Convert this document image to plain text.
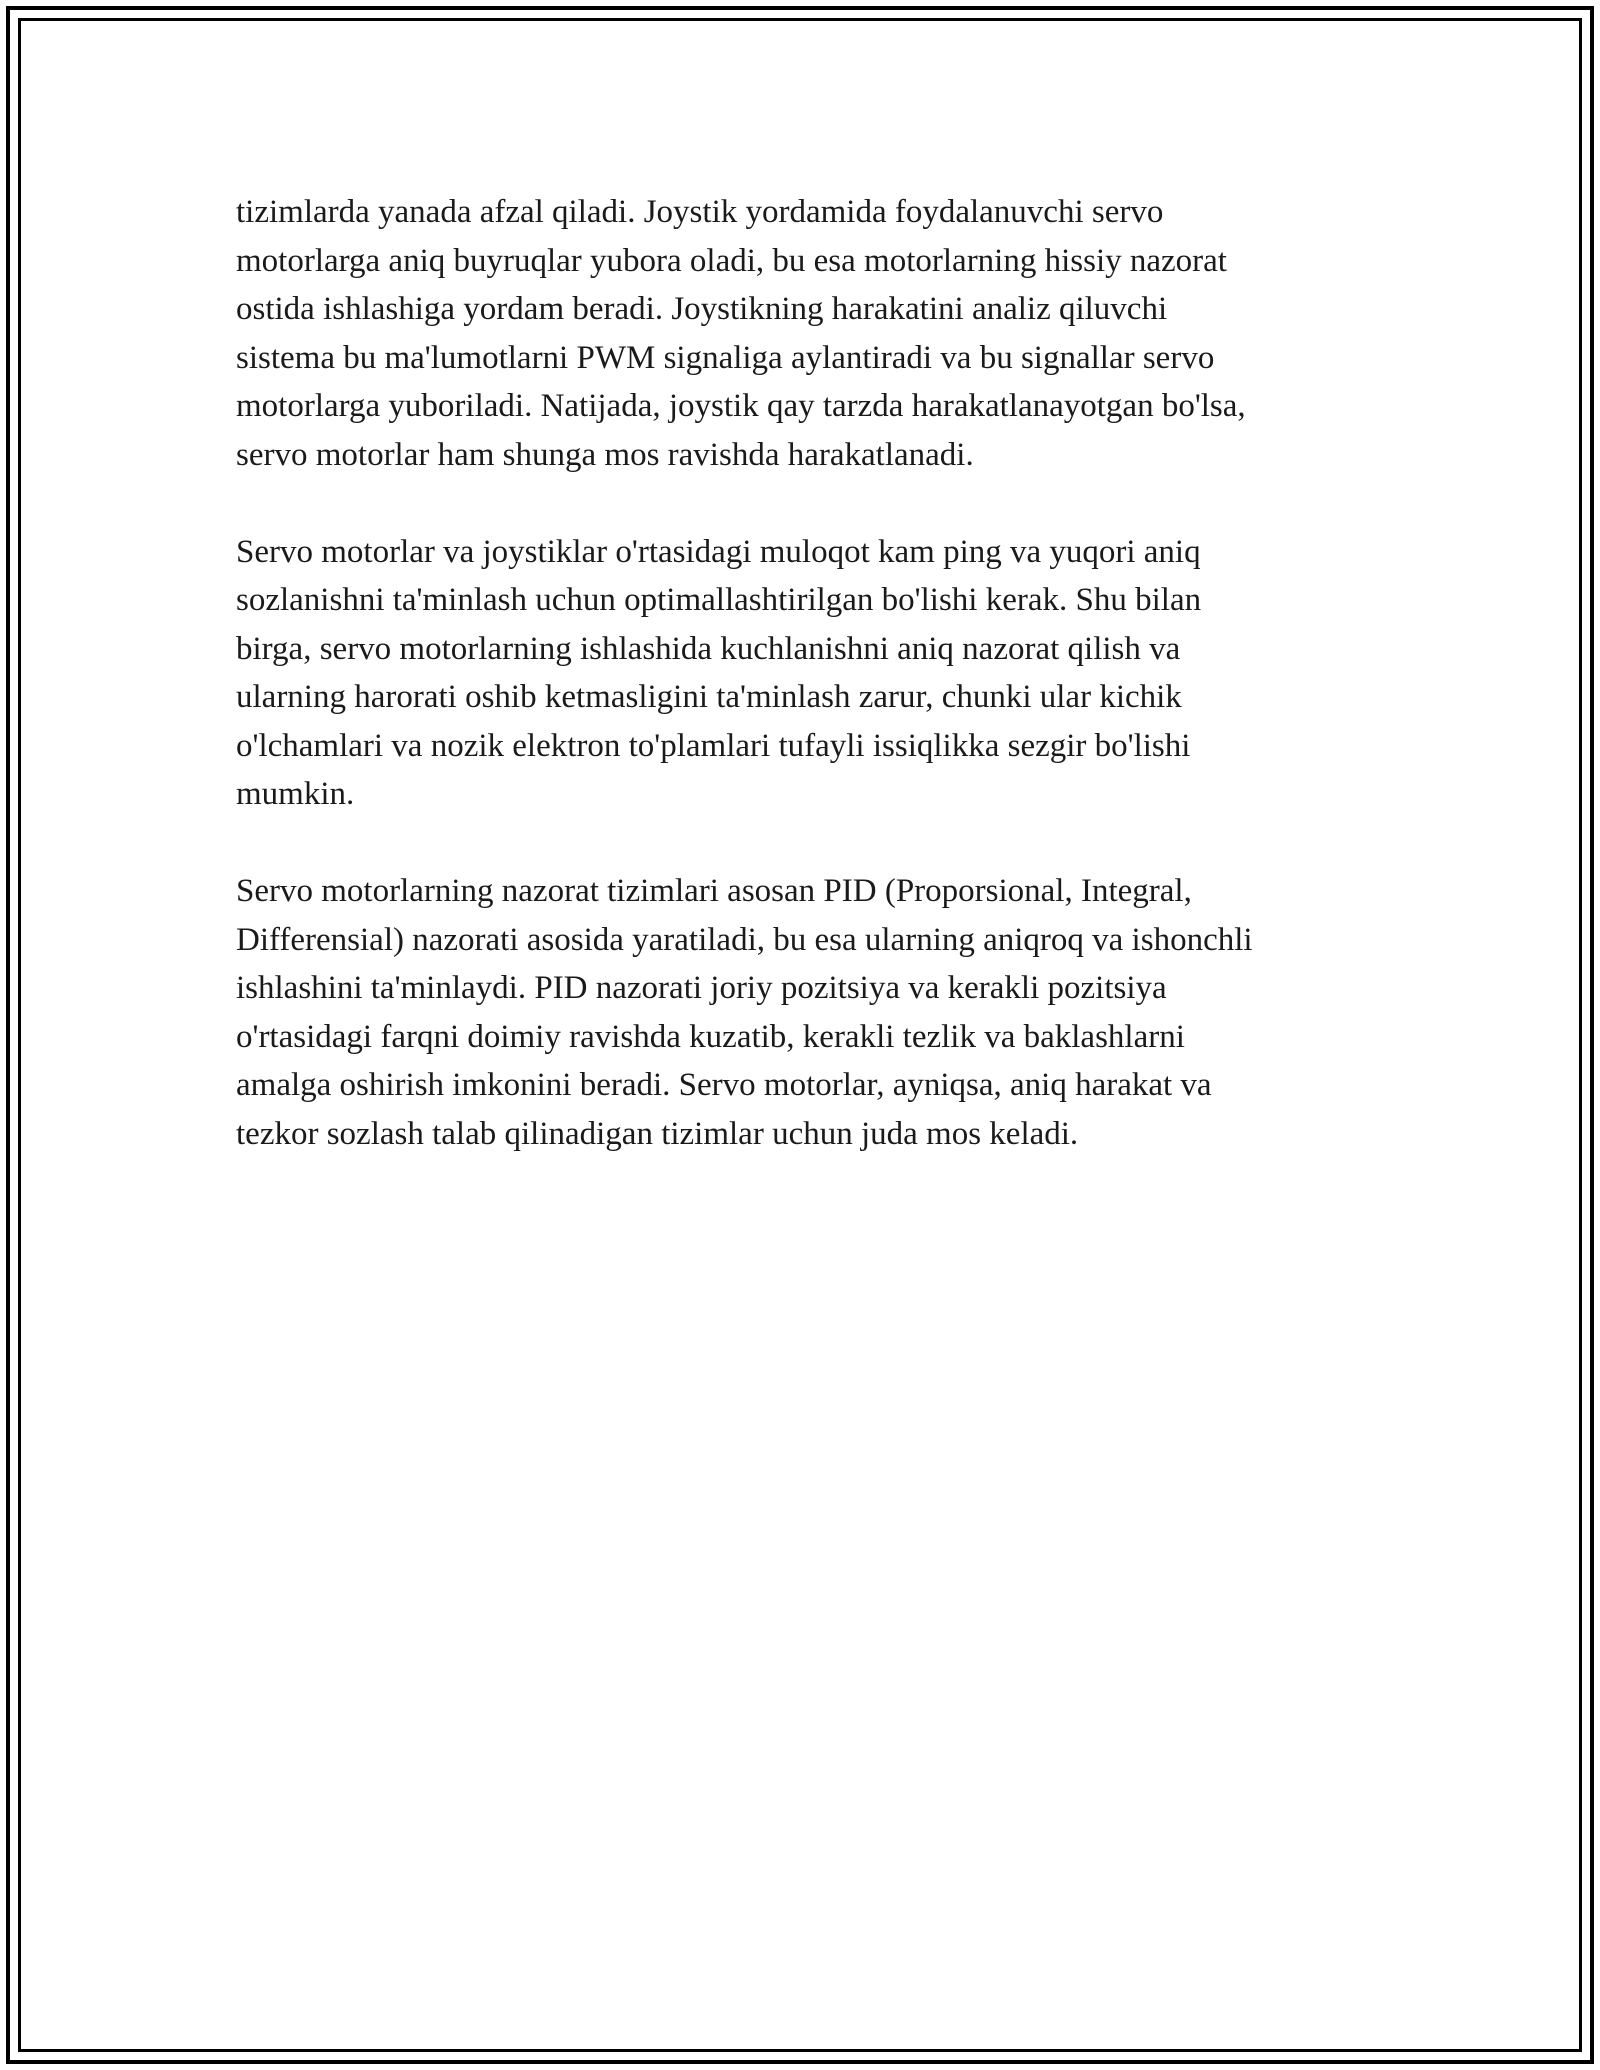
tizimlarda yanada afzal qiladi. Joystik yordamida foydalanuvchi servo
motorlarga aniq buyruqlar yubora oladi, bu esa motorlarning hissiy nazorat
ostida ishlashiga yordam beradi. Joystikning harakatini analiz qiluvchi
sistema bu ma'lumotlarni PWM signaliga aylantiradi va bu signallar servo
motorlarga yuboriladi. Natijada, joystik qay tarzda harakatlanayotgan bo'lsa,
servo motorlar ham shunga mos ravishda harakatlanadi.

Servo motorlar va joystiklar o'rtasidagi muloqot kam ping va yuqori aniq
sozlanishni ta'minlash uchun optimallashtirilgan bo'lishi kerak. Shu bilan
birga, servo motorlarning ishlashida kuchlanishni aniq nazorat qilish va
ularning harorati oshib ketmasligini ta'minlash zarur, chunki ular kichik
o'lchamlari va nozik elektron to'plamlari tufayli issiqlikka sezgir bo'lishi
mumkin.

Servo motorlarning nazorat tizimlari asosan PID (Proporsional, Integral,
Differensial) nazorati asosida yaratiladi, bu esa ularning aniqroq va ishonchli
ishlashini ta'minlaydi. PID nazorati joriy pozitsiya va kerakli pozitsiya
o'rtasidagi farqni doimiy ravishda kuzatib, kerakli tezlik va baklashlarni
amalga oshirish imkonini beradi. Servo motorlar, ayniqsa, aniq harakat va
tezkor sozlash talab qilinadigan tizimlar uchun juda mos keladi.
